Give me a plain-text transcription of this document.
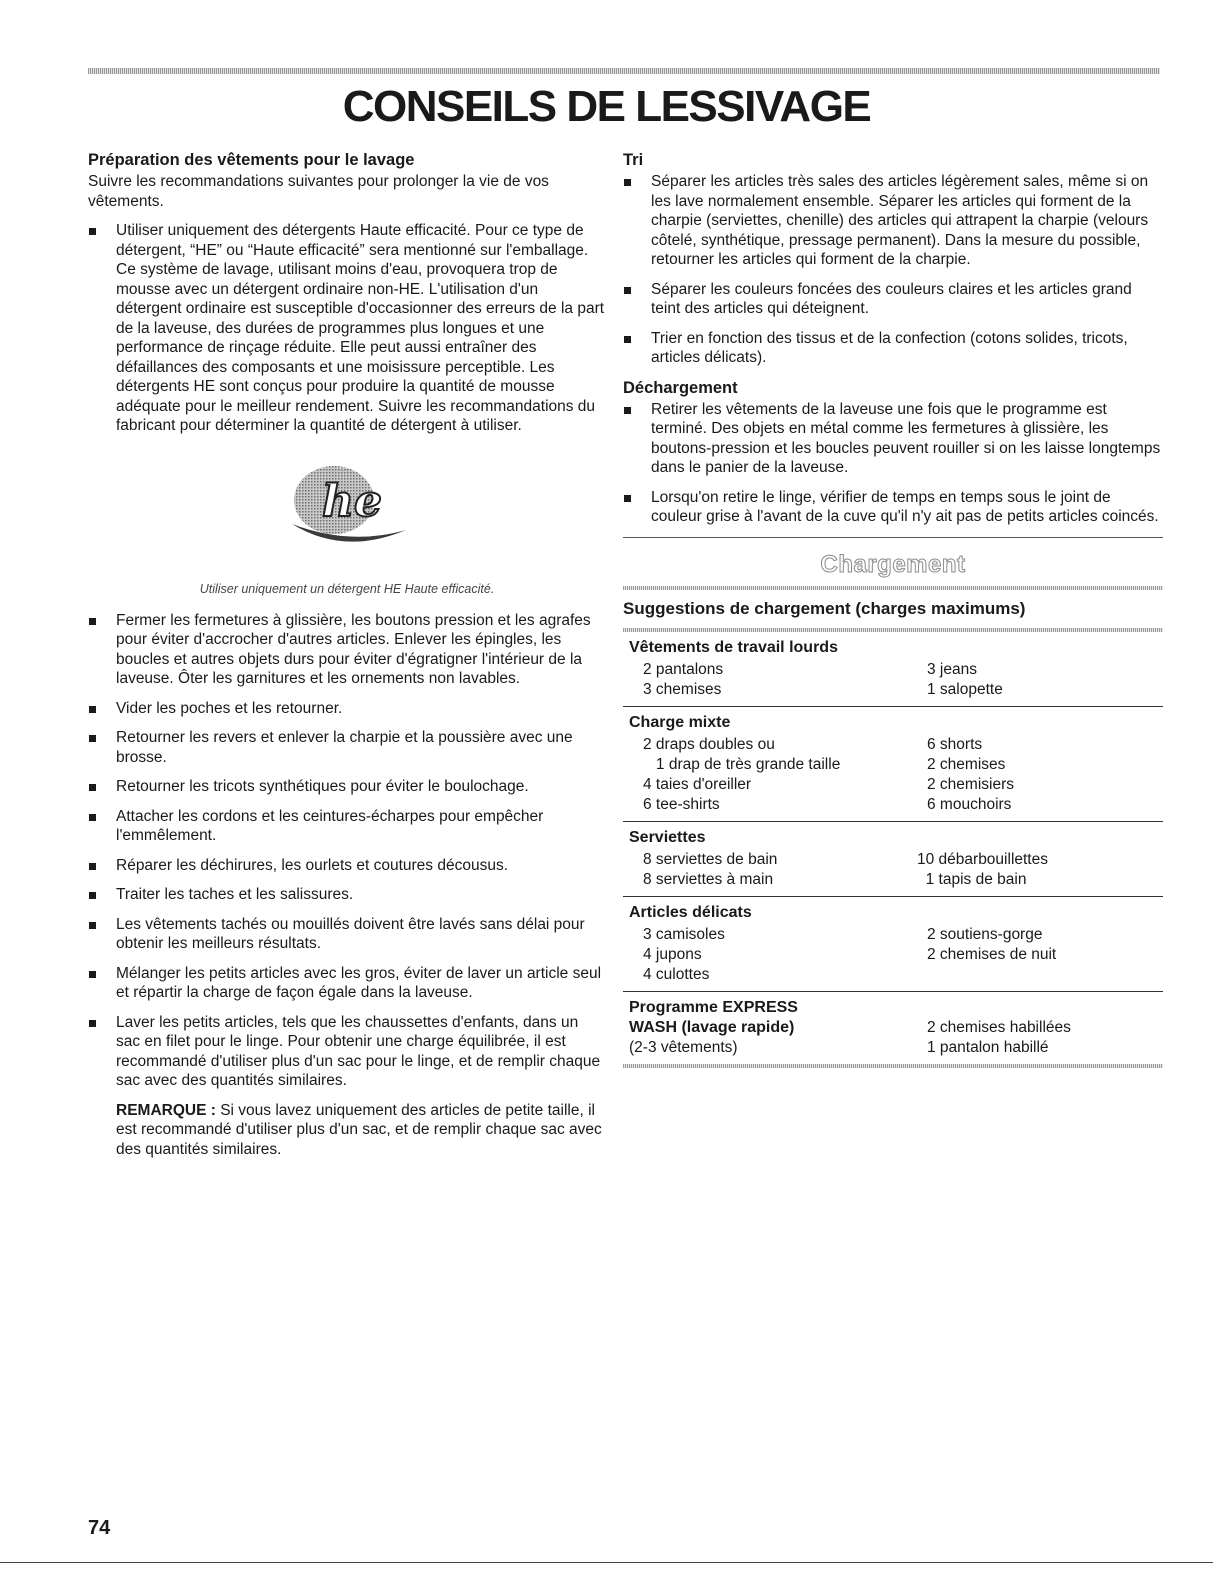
CONSEILS DE LESSIVAGE
Préparation des vêtements pour le lavage

Suivre les recommandations suivantes pour prolonger la vie de vos vêtements.

Utiliser uniquement des détergents Haute efficacité. Pour ce type de détergent, “HE” ou “Haute efficacité” sera mentionné sur l'emballage. Ce système de lavage, utilisant moins d'eau, provoquera trop de mousse avec un détergent ordinaire non-HE. L'utilisation d'un détergent ordinaire est susceptible d'occasionner des erreurs de la part de la laveuse, des durées de programmes plus longues et une performance de rinçage réduite. Elle peut aussi entraîner des défaillances des composants et une moisissure perceptible. Les détergents HE sont conçus pour produire la quantité de mousse adéquate pour le meilleur rendement. Suivre les recommandations du fabricant pour déterminer la quantité de détergent à utiliser.
he

Utiliser uniquement un détergent HE Haute efficacité.

Fermer les fermetures à glissière, les boutons pression et les agrafes pour éviter d'accrocher d'autres articles. Enlever les épingles, les boucles et autres objets durs pour éviter d'égratigner l'intérieur de la laveuse. Ôter les garnitures et les ornements non lavables.
Vider les poches et les retourner.
Retourner les revers et enlever la charpie et la poussière avec une brosse.
Retourner les tricots synthétiques pour éviter le boulochage.
Attacher les cordons et les ceintures-écharpes pour empêcher l'emmêlement.
Réparer les déchirures, les ourlets et coutures décousus.
Traiter les taches et les salissures.
Les vêtements tachés ou mouillés doivent être lavés sans délai pour obtenir les meilleurs résultats.
Mélanger les petits articles avec les gros, éviter de laver un article seul et répartir la charge de façon égale dans la laveuse.
Laver les petits articles, tels que les chaussettes d'enfants, dans un sac en filet pour le linge. Pour obtenir une charge équilibrée, il est recommandé d'utiliser plus d'un sac pour le linge, et de remplir chaque sac avec des quantités similaires.
REMARQUE : Si vous lavez uniquement des articles de petite taille, il est recommandé d'utiliser plus d'un sac, et de remplir chaque sac avec des quantités similaires.
Tri
Séparer les articles très sales des articles légèrement sales, même si on les lave normalement ensemble. Séparer les articles qui forment de la charpie (serviettes, chenille) des articles qui attrapent la charpie (velours côtelé, synthétique, pressage permanent). Dans la mesure du possible, retourner les articles qui forment de la charpie.
Séparer les couleurs foncées des couleurs claires et les articles grand teint des articles qui déteignent.
Trier en fonction des tissus et de la confection (cotons solides, tricots, articles délicats).
Déchargement
Retirer les vêtements de la laveuse une fois que le programme est terminé. Des objets en métal comme les fermetures à glissière, les boutons-pression et les boucles peuvent rouiller si on les laisse longtemps dans le panier de la laveuse.
Lorsqu'on retire le linge, vérifier de temps en temps sous le joint de couleur grise à l'avant de la cuve qu'il n'y ait pas de petits articles coincés.
Chargement
Suggestions de chargement (charges maximums)
Vêtements de travail lourds
2 pantalons
3 chemises
3 jeans
1 salopette
Charge mixte
2 draps doubles ou
1 drap de très grande taille
4 taies d'oreiller
6 tee-shirts
6 shorts
2 chemises
2 chemisiers
6 mouchoirs
Serviettes
8 serviettes de bain
8 serviettes à main
10 débarbouillettes
1 tapis de bain
Articles délicats
3 camisoles
4 jupons
4 culottes
2 soutiens-gorge
2 chemises de nuit
Programme EXPRESS
WASH (lavage rapide)
(2-3 vêtements)
2 chemises habillées
1 pantalon habillé

74
